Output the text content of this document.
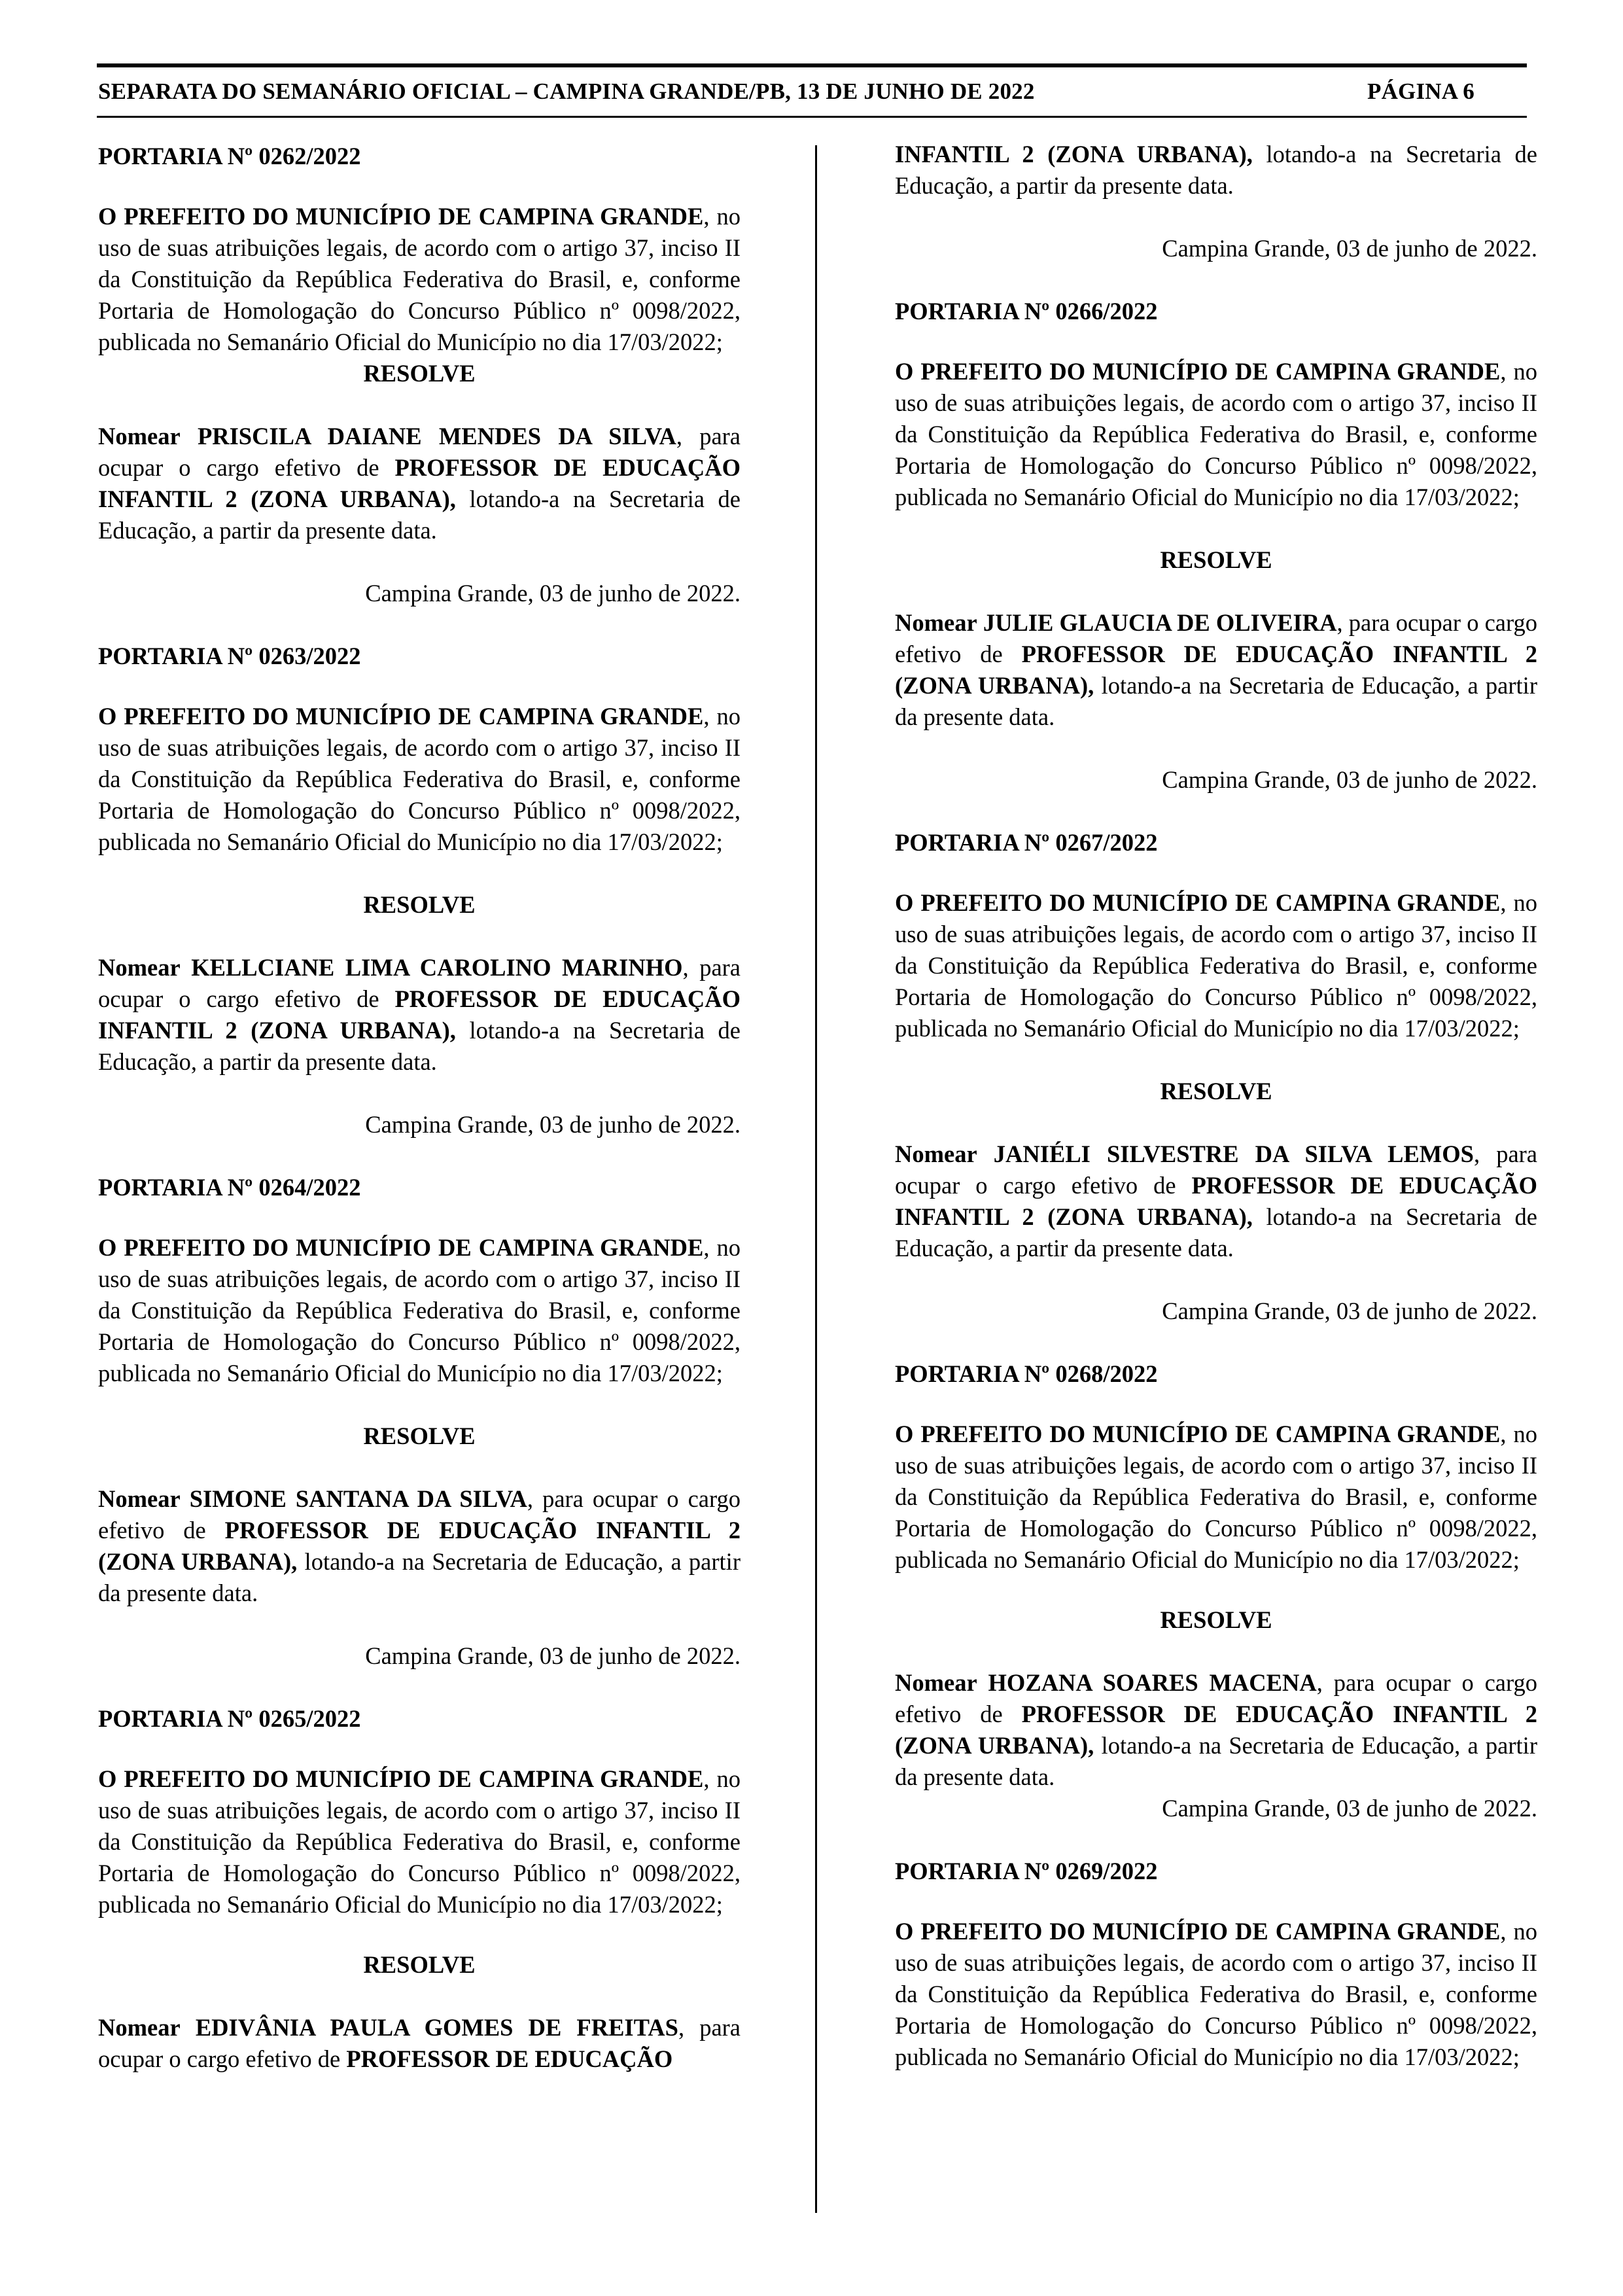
SEPARATA DO SEMANÁRIO OFICIAL – CAMPINA GRANDE/PB, 13 DE JUNHO DE 2022	PÁGINA 6
PORTARIA Nº 0262/2022

O PREFEITO DO MUNICÍPIO DE CAMPINA GRANDE, no uso de suas atribuições legais, de acordo com o artigo 37, inciso II da Constituição da República Federativa do Brasil, e, conforme Portaria de Homologação do Concurso Público nº 0098/2022, publicada no Semanário Oficial do Município no dia 17/03/2022;

RESOLVE

Nomear PRISCILA DAIANE MENDES DA SILVA, para ocupar o cargo efetivo de PROFESSOR DE EDUCAÇÃO INFANTIL 2 (ZONA URBANA), lotando-a na Secretaria de Educação, a partir da presente data.

Campina Grande, 03 de junho de 2022.
PORTARIA Nº 0263/2022

O PREFEITO DO MUNICÍPIO DE CAMPINA GRANDE, no uso de suas atribuições legais, de acordo com o artigo 37, inciso II da Constituição da República Federativa do Brasil, e, conforme Portaria de Homologação do Concurso Público nº 0098/2022, publicada no Semanário Oficial do Município no dia 17/03/2022;

RESOLVE

Nomear KELLCIANE LIMA CAROLINO MARINHO, para ocupar o cargo efetivo de PROFESSOR DE EDUCAÇÃO INFANTIL 2 (ZONA URBANA), lotando-a na Secretaria de Educação, a partir da presente data.

Campina Grande, 03 de junho de 2022.
PORTARIA Nº 0264/2022

O PREFEITO DO MUNICÍPIO DE CAMPINA GRANDE, no uso de suas atribuições legais, de acordo com o artigo 37, inciso II da Constituição da República Federativa do Brasil, e, conforme Portaria de Homologação do Concurso Público nº 0098/2022, publicada no Semanário Oficial do Município no dia 17/03/2022;

RESOLVE

Nomear SIMONE SANTANA DA SILVA, para ocupar o cargo efetivo de PROFESSOR DE EDUCAÇÃO INFANTIL 2 (ZONA URBANA), lotando-a na Secretaria de Educação, a partir da presente data.

Campina Grande, 03 de junho de 2022.
PORTARIA Nº 0265/2022

O PREFEITO DO MUNICÍPIO DE CAMPINA GRANDE, no uso de suas atribuições legais, de acordo com o artigo 37, inciso II da Constituição da República Federativa do Brasil, e, conforme Portaria de Homologação do Concurso Público nº 0098/2022, publicada no Semanário Oficial do Município no dia 17/03/2022;

RESOLVE

Nomear EDIVÂNIA PAULA GOMES DE FREITAS, para ocupar o cargo efetivo de PROFESSOR DE EDUCAÇÃO

INFANTIL 2 (ZONA URBANA), lotando-a na Secretaria de Educação, a partir da presente data.

Campina Grande, 03 de junho de 2022.
PORTARIA Nº 0266/2022

O PREFEITO DO MUNICÍPIO DE CAMPINA GRANDE, no uso de suas atribuições legais, de acordo com o artigo 37, inciso II da Constituição da República Federativa do Brasil, e, conforme Portaria de Homologação do Concurso Público nº 0098/2022, publicada no Semanário Oficial do Município no dia 17/03/2022;

RESOLVE

Nomear JULIE GLAUCIA DE OLIVEIRA, para ocupar o cargo efetivo de PROFESSOR DE EDUCAÇÃO INFANTIL 2 (ZONA URBANA), lotando-a na Secretaria de Educação, a partir da presente data.

Campina Grande, 03 de junho de 2022.
PORTARIA Nº 0267/2022

O PREFEITO DO MUNICÍPIO DE CAMPINA GRANDE, no uso de suas atribuições legais, de acordo com o artigo 37, inciso II da Constituição da República Federativa do Brasil, e, conforme Portaria de Homologação do Concurso Público nº 0098/2022, publicada no Semanário Oficial do Município no dia 17/03/2022;

RESOLVE

Nomear JANIÉLI SILVESTRE DA SILVA LEMOS, para ocupar o cargo efetivo de PROFESSOR DE EDUCAÇÃO INFANTIL 2 (ZONA URBANA), lotando-a na Secretaria de Educação, a partir da presente data.

Campina Grande, 03 de junho de 2022.
PORTARIA Nº 0268/2022

O PREFEITO DO MUNICÍPIO DE CAMPINA GRANDE, no uso de suas atribuições legais, de acordo com o artigo 37, inciso II da Constituição da República Federativa do Brasil, e, conforme Portaria de Homologação do Concurso Público nº 0098/2022, publicada no Semanário Oficial do Município no dia 17/03/2022;

RESOLVE

Nomear HOZANA SOARES MACENA, para ocupar o cargo efetivo de PROFESSOR DE EDUCAÇÃO INFANTIL 2 (ZONA URBANA), lotando-a na Secretaria de Educação, a partir da presente data.

Campina Grande, 03 de junho de 2022.
PORTARIA Nº 0269/2022

O PREFEITO DO MUNICÍPIO DE CAMPINA GRANDE, no uso de suas atribuições legais, de acordo com o artigo 37, inciso II da Constituição da República Federativa do Brasil, e, conforme Portaria de Homologação do Concurso Público nº 0098/2022, publicada no Semanário Oficial do Município no dia 17/03/2022;
